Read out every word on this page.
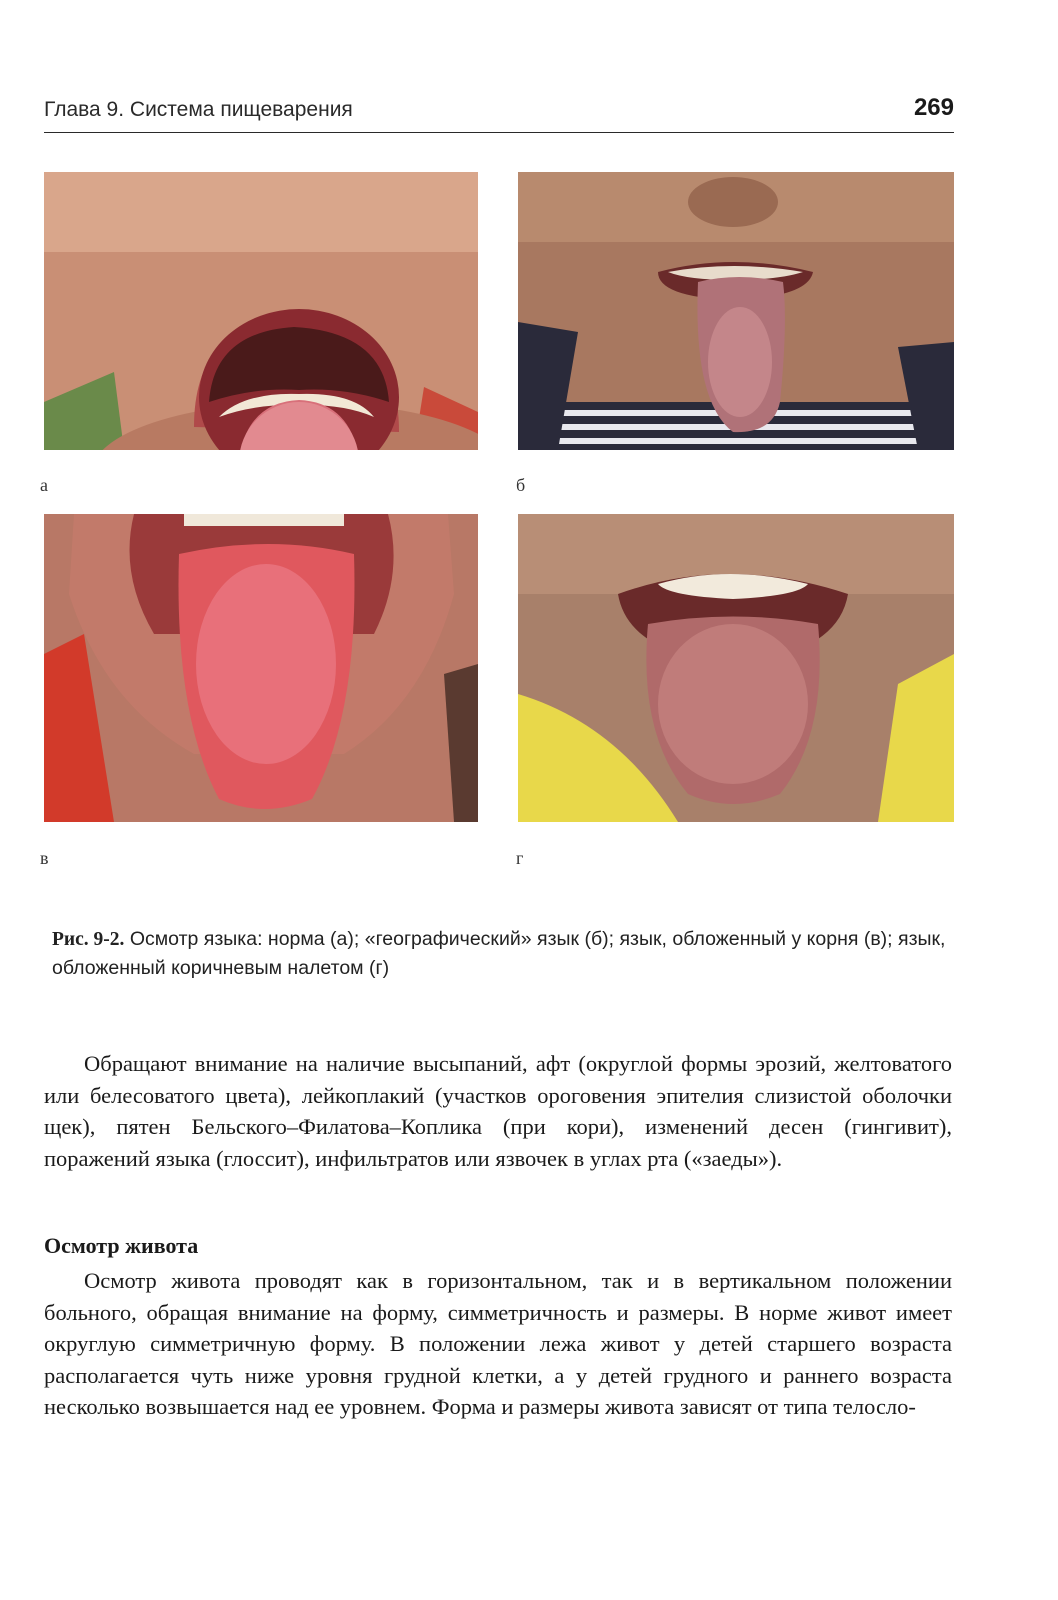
Глава 9. Система пищеварения	269
а	б
в	г
Рис. 9-2. Осмотр языка: норма (а); «географический» язык (б); язык, обложенный у корня (в); язык, обложенный коричневым налетом (г)

Обращают внимание на наличие высыпаний, афт (округлой формы эрозий, желтоватого или белесоватого цвета), лейкоплакий (участков ороговения эпителия слизистой оболочки щек), пятен Бельского–Филатова–Коплика (при кори), изменений десен (гингивит), поражений языка (глоссит), инфильтратов или язвочек в углах рта («заеды»).

Осмотр живота

Осмотр живота проводят как в горизонтальном, так и в вертикальном положении больного, обращая внимание на форму, симметричность и размеры. В норме живот имеет округлую симметричную форму. В положении лежа живот у детей старшего возраста располагается чуть ниже уровня грудной клетки, а у детей грудного и раннего возраста несколько возвышается над ее уровнем. Форма и размеры живота зависят от типа телосло-
